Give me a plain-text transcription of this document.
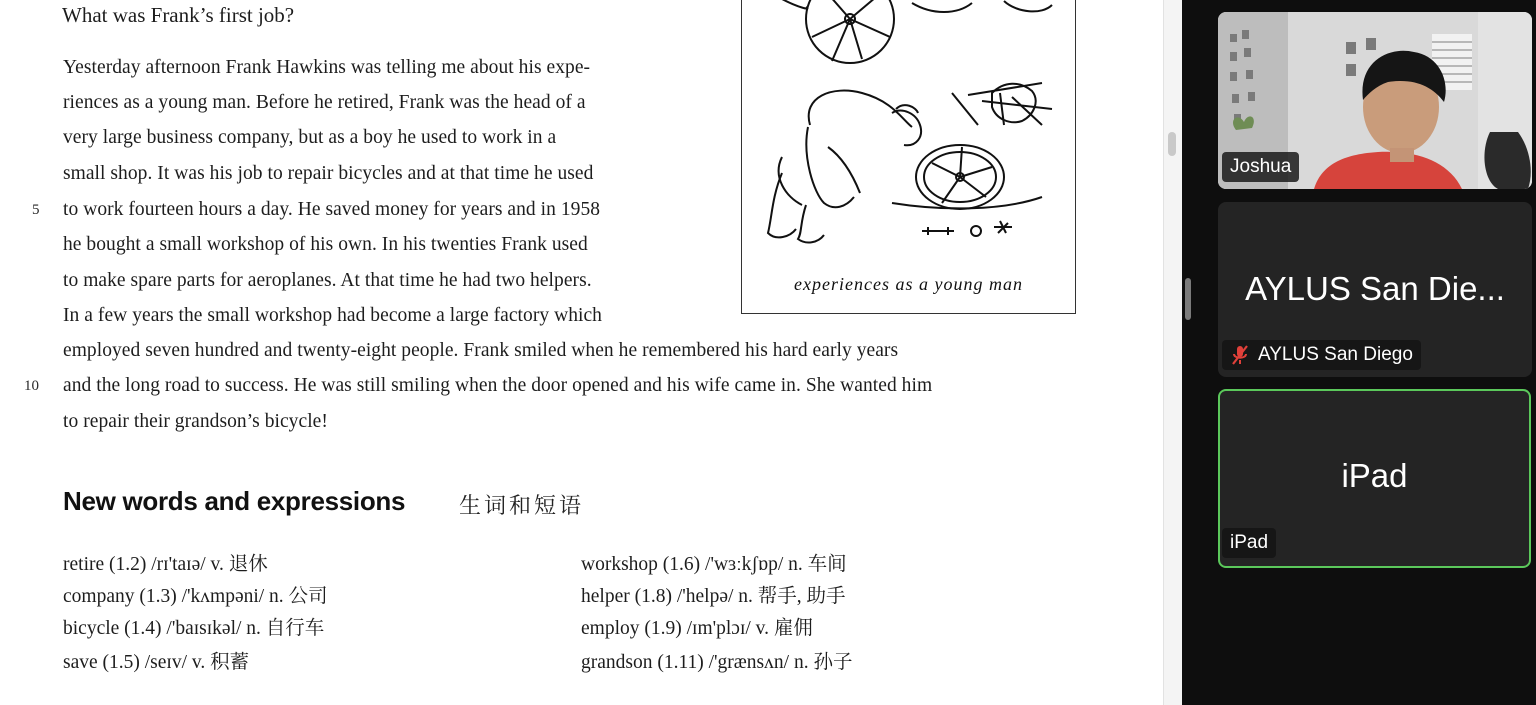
What was Frank’s first job?
Yesterday afternoon Frank Hawkins was telling me about his expe-
riences as a young man. Before he retired, Frank was the head of a
very large business company, but as a boy he used to work in a
small shop. It was his job to repair bicycles and at that time he used
5 to work fourteen hours a day. He saved money for years and in 1958
he bought a small workshop of his own. In his twenties Frank used
to make spare parts for aeroplanes. At that time he had two helpers.
In a few years the small workshop had become a large factory which
employed seven hundred and twenty-eight people. Frank smiled when he remembered his hard early years
10 and the long road to success. He was still smiling when the door opened and his wife came in. She wanted him
to repair their grandson’s bicycle!
experiences as a young man
New words and expressions 生词和短语
retire (1.2) /rɪ'taɪə/ v. 退休
company (1.3) /'kʌmpəni/ n. 公司
bicycle (1.4) /'baɪsɪkəl/ n. 自行车
save (1.5) /seɪv/ v. 积蓄
workshop (1.6) /'wɜːkʃɒp/ n. 车间
helper (1.8) /'helpə/ n. 帮手, 助手
employ (1.9) /ɪm'plɔɪ/ v. 雇佣
grandson (1.11) /'grænsʌn/ n. 孙子
Joshua
AYLUS San Die...
AYLUS San Diego
iPad
iPad
